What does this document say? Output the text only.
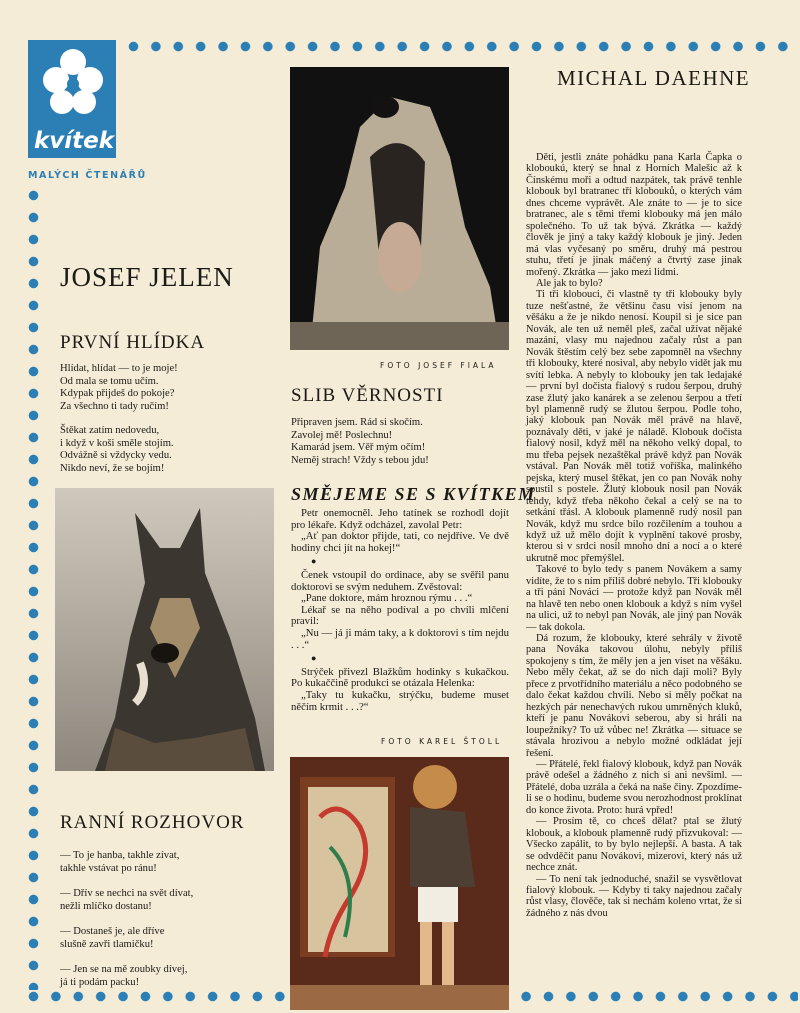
kvítek
MALÝCH ČTENÁŘŮ
JOSEF JELEN
PRVNÍ HLÍDKA

Hlídat, hlídat — to je moje!
Od mala se tomu učím.
Kdypak přijdeš do pokoje?
Za všechno ti tady ručím!

Štěkat zatím nedovedu,
i když v koši směle stojím.
Odvážně si vždycky vedu.
Nikdo neví, že se bojím!

RANNÍ ROZHOVOR

— To je hanba, takhle zívat,
takhle vstávat po ránu!

— Dřív se nechci na svět dívat,
nežli mlíčko dostanu!

— Dostaneš je, ale dříve
slušně zavři tlamičku!

— Jen se na mě zoubky dívej,
já ti podám packu!

FOTO JOSEF FIALA
SLIB VĚRNOSTI

Připraven jsem. Rád si skočím.
Zavolej mě! Poslechnu!
Kamarád jsem. Věř mým očím!
Neměj strach! Vždy s tebou jdu!

SMĚJEME SE S KVÍTKEM

Petr onemocněl. Jeho tatínek se rozhodl dojít pro lékaře. Když odcházel, zavolal Petr:

„Ať pan doktor přijde, tati, co nejdříve. Ve dvě hodiny chci jít na hokej!“

●

Čenek vstoupil do ordinace, aby se svěřil panu doktorovi se svým neduhem. Zvěstoval:

„Pane doktore, mám hroznou rýmu . . .“

Lékař se na něho podíval a po chvíli mlčení pravil:

„Nu — já ji mám taky, a k doktorovi s tím nejdu . . .“

●

Strýček přivezl Blažkům hodinky s kukačkou. Po kukaččině produkci se otázala Helenka:

„Taky tu kukačku, strýčku, budeme muset něčím krmit . . .?“

FOTO KAREL ŠTOLL
MICHAL DAEHNE

Děti, jestli znáte pohádku pana Karla Čapka o kloboukú, který se hnal z Horních Malešic až k Čínskému moři a odtud nazpátek, tak právě tenhle klobouk byl bratranec tří klobouků, o kterých vám dnes chceme vyprávět. Ale znáte to — je to sice bratranec, ale s těmi třemi klobouky má jen málo společného. To už tak bývá. Zkrátka — každý člověk je jiný a taky každý klobouk je jiný. Jeden má vlas vyčesaný po směru, druhý má pestrou stuhu, třetí je jinak máčený a čtvrtý zase jinak mořený. Zkrátka — jako mezi lidmi.

Ale jak to bylo?

Ti tři klobouci, či vlastně ty tři klobouky byly tuze nešťastné, že většinu času visí jenom na věšáku a že je nikdo nenosí. Koupil si je sice pan Novák, ale ten už neměl pleš, začal užívat nějaké mazání, vlasy mu najednou začaly růst a pan Novák štěstím celý bez sebe zapomněl na všechny tři klobouky, které nosival, aby nebylo vidět jak mu svítí lebka. A nebyly to klobouky jen tak ledajaké — první byl dočista fialový s rudou šerpou, druhý zase žlutý jako kanárek a se zelenou šerpou a třetí byl plamenně rudý se žlutou šerpou. Podle toho, jaký klobouk pan Novák měl právě na hlavě, poznávaly děti, v jaké je náladě. Klobouk dočista fialový nosil, když měl na někoho velký dopal, to mu třeba pejsek nezaštěkal právě když pan Novák vstával. Pan Novák měl totiž voříška, malinkého pejska, který musel štěkat, jen co pan Novák nohy spustil s postele. Žlutý klobouk nosil pan Novák tehdy, když třeba někoho čekal a celý se na to setkání třásl. A klobouk plamenně rudý nosil pan Novák, když mu srdce bilo rozčilením a touhou a když už už mělo dojít k vyplnění takové prosby, kterou si v srdci nosil mnoho dní a nocí a o které ukrutně moc přemýšlel.

Takové to bylo tedy s panem Novákem a samy vidíte, že to s ním příliš dobré nebylo. Tři klobouky a tři páni Nováci — protože když pan Novák měl na hlavě ten nebo onen klobouk a když s ním vyšel na ulici, už to nebyl pan Novák, ale jiný pan Novák — tak dokola.

Dá rozum, že klobouky, které sehrály v životě pana Nováka takovou úlohu, nebyly příliš spokojeny s tím, že měly jen a jen viset na věšáku. Nebo měly čekat, až se do nich dají moli? Byly přece z prvotřídního materiálu a něco podobného se dalo čekat každou chvíli. Nebo si měly počkat na hezkých pár nenechavých rukou umrněných kluků, kteří je panu Novákovi seberou, aby si hráli na loupežníky? To už vůbec ne! Zkrátka — situace se stávala hrozivou a nebylo možné odkládat její řešení.

— Přátelé, řekl fialový klobouk, když pan Novák právě odešel a žádného z nich si ani nevšiml. — Přátelé, doba uzrála a čeká na naše činy. Zpozdíme-li se o hodinu, budeme svou nerozhodnost proklínat do konce života. Proto: hurá vpřed!

— Prosím tě, co chceš dělat? ptal se žlutý klobouk, a klobouk plamenně rudý přizvukoval: — Všecko zapálit, to by bylo nejlepší. A basta. A tak se odvděčit panu Novákovi, mizerovi, který nás už nechce znát.

— To není tak jednoduché, snažil se vysvětlovat fialový klobouk. — Kdyby ti taky najednou začaly růst vlasy, člověče, tak si nechám koleno vrtat, že si žádného z nás dvou
